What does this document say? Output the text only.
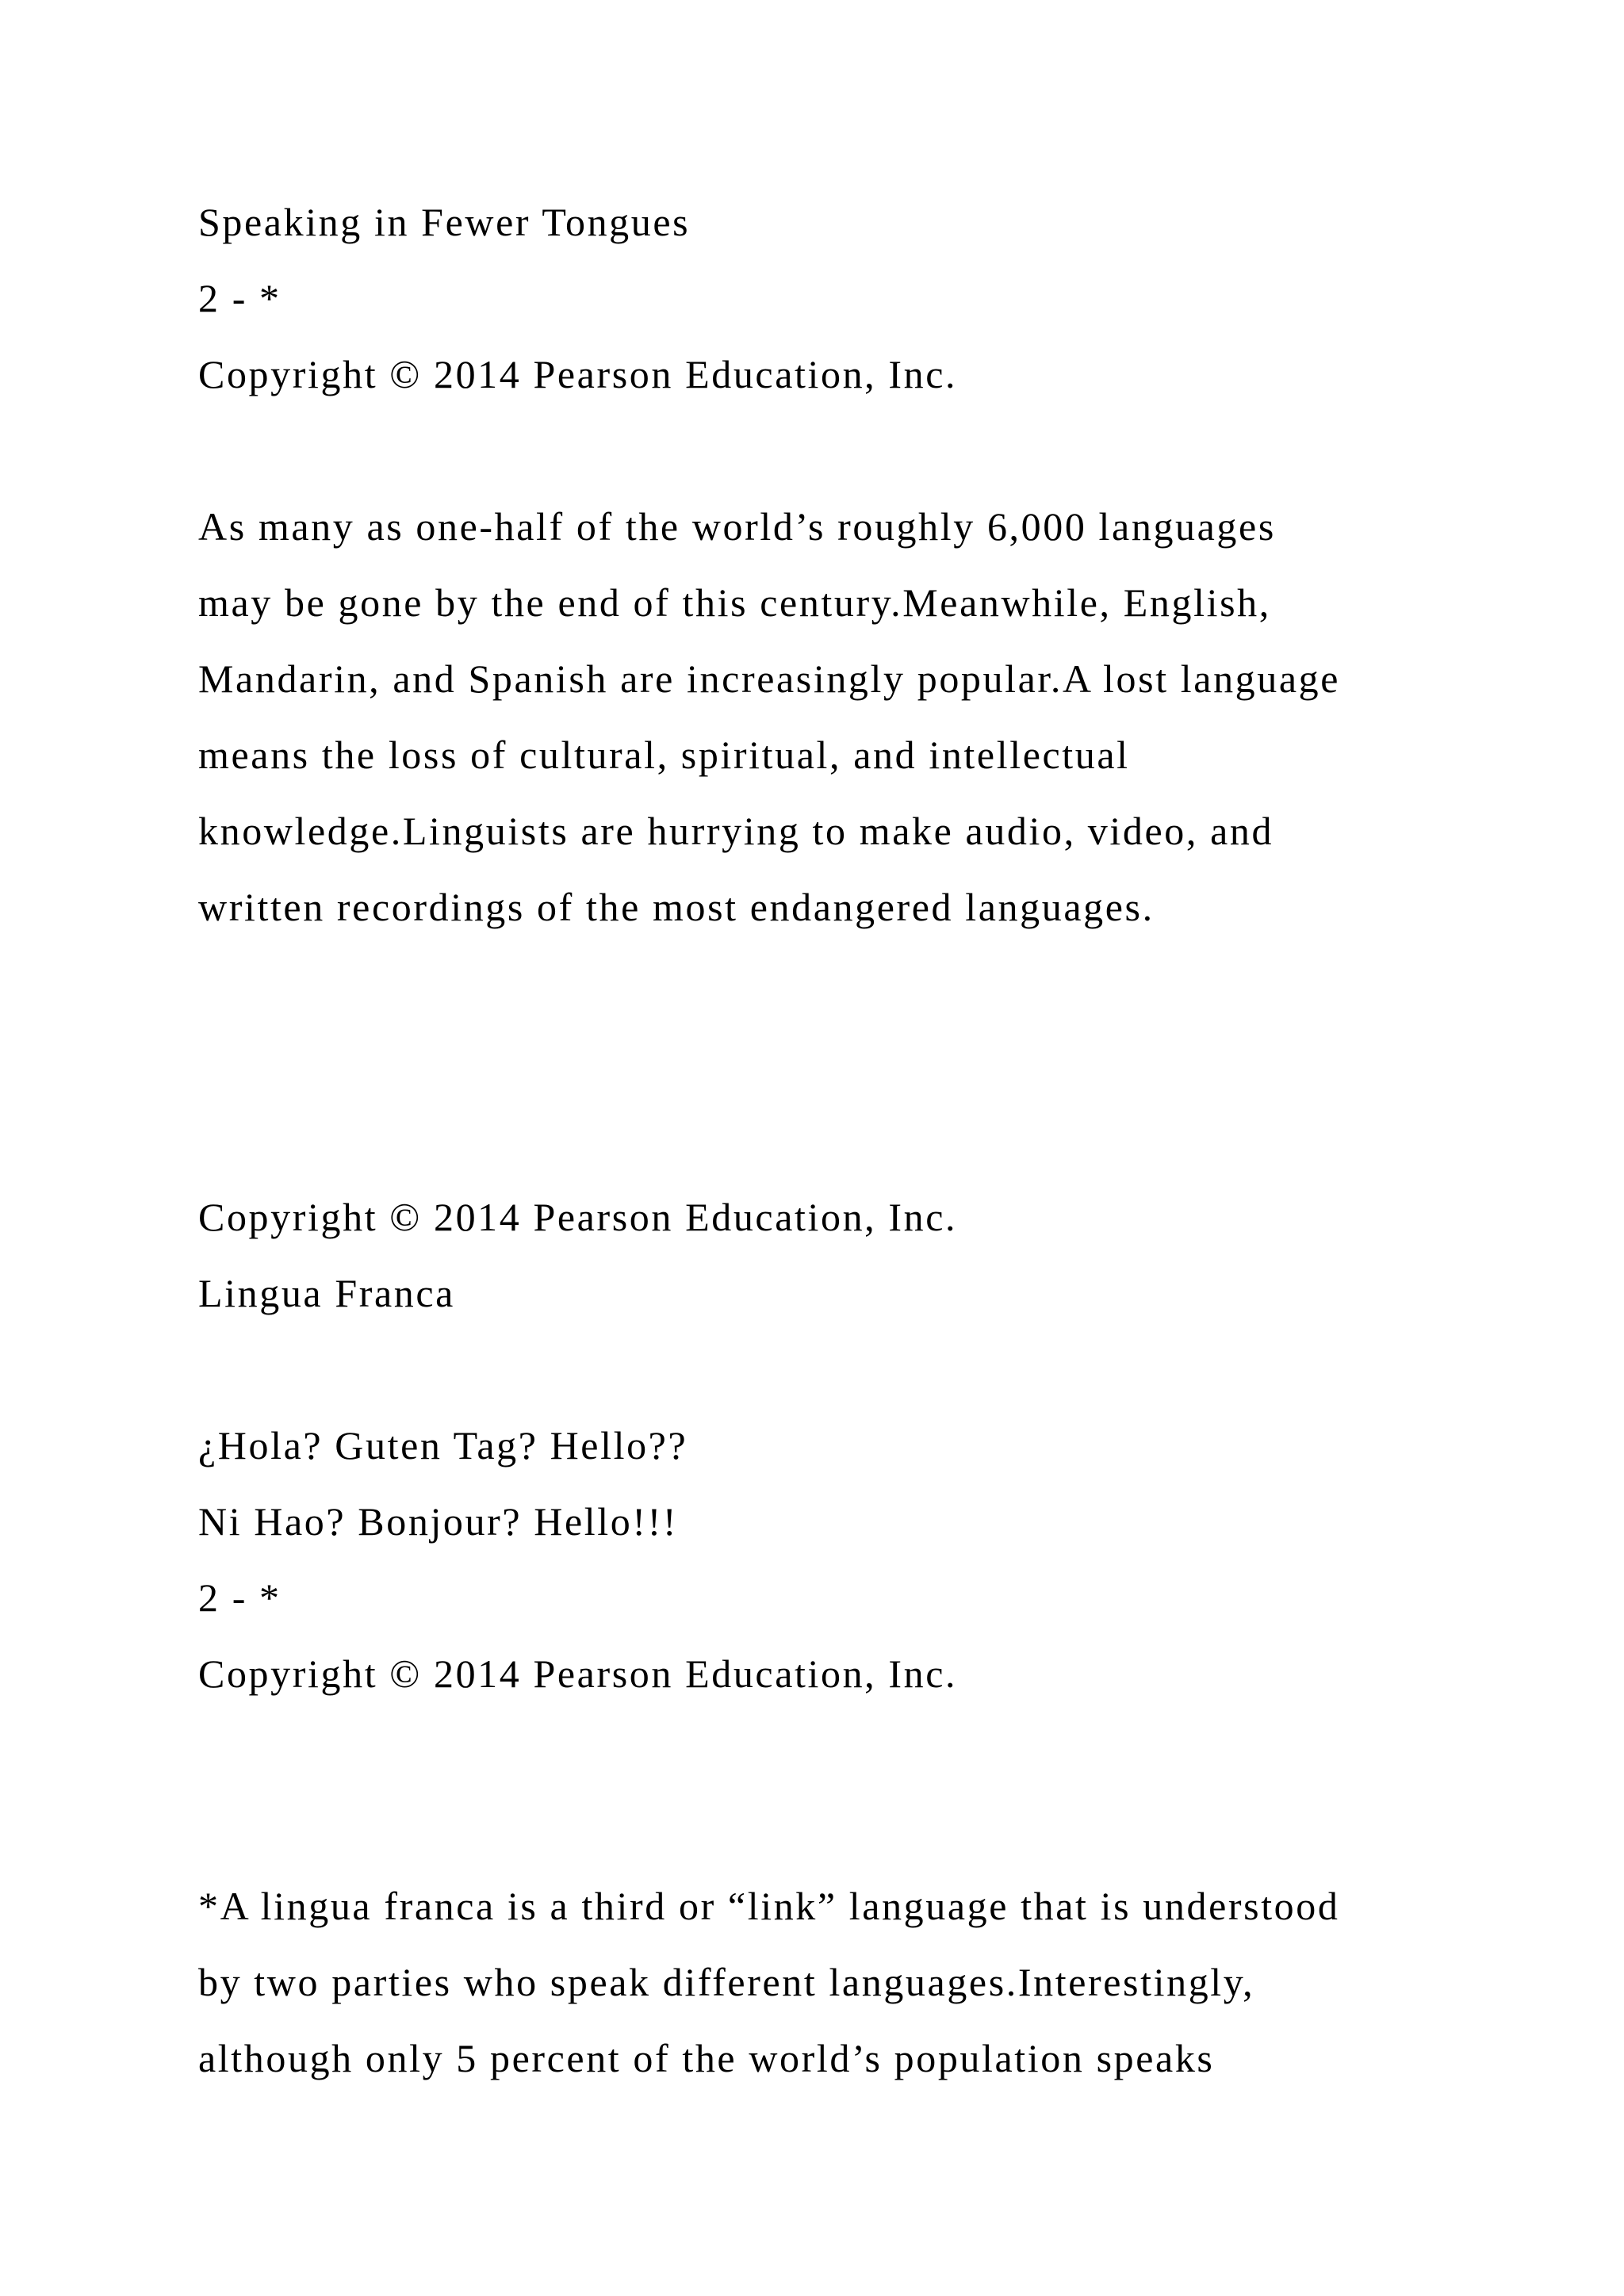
Speaking in Fewer Tongues

2 - *

Copyright © 2014 Pearson Education, Inc.

As many as one-half of the world’s roughly 6,000 languages

may be gone by the end of this century.Meanwhile, English,

Mandarin, and Spanish are increasingly popular.A lost language

means the loss of cultural, spiritual, and intellectual

knowledge.Linguists are hurrying to make audio, video, and

written recordings of the most endangered languages.

Copyright © 2014 Pearson Education, Inc.

Lingua Franca

¿Hola? Guten Tag? Hello??

Ni Hao? Bonjour? Hello!!!

2 - *

Copyright © 2014 Pearson Education, Inc.

*A lingua franca is a third or “link” language that is understood

by two parties who speak different languages.Interestingly,

although only 5 percent of the world’s population speaks
